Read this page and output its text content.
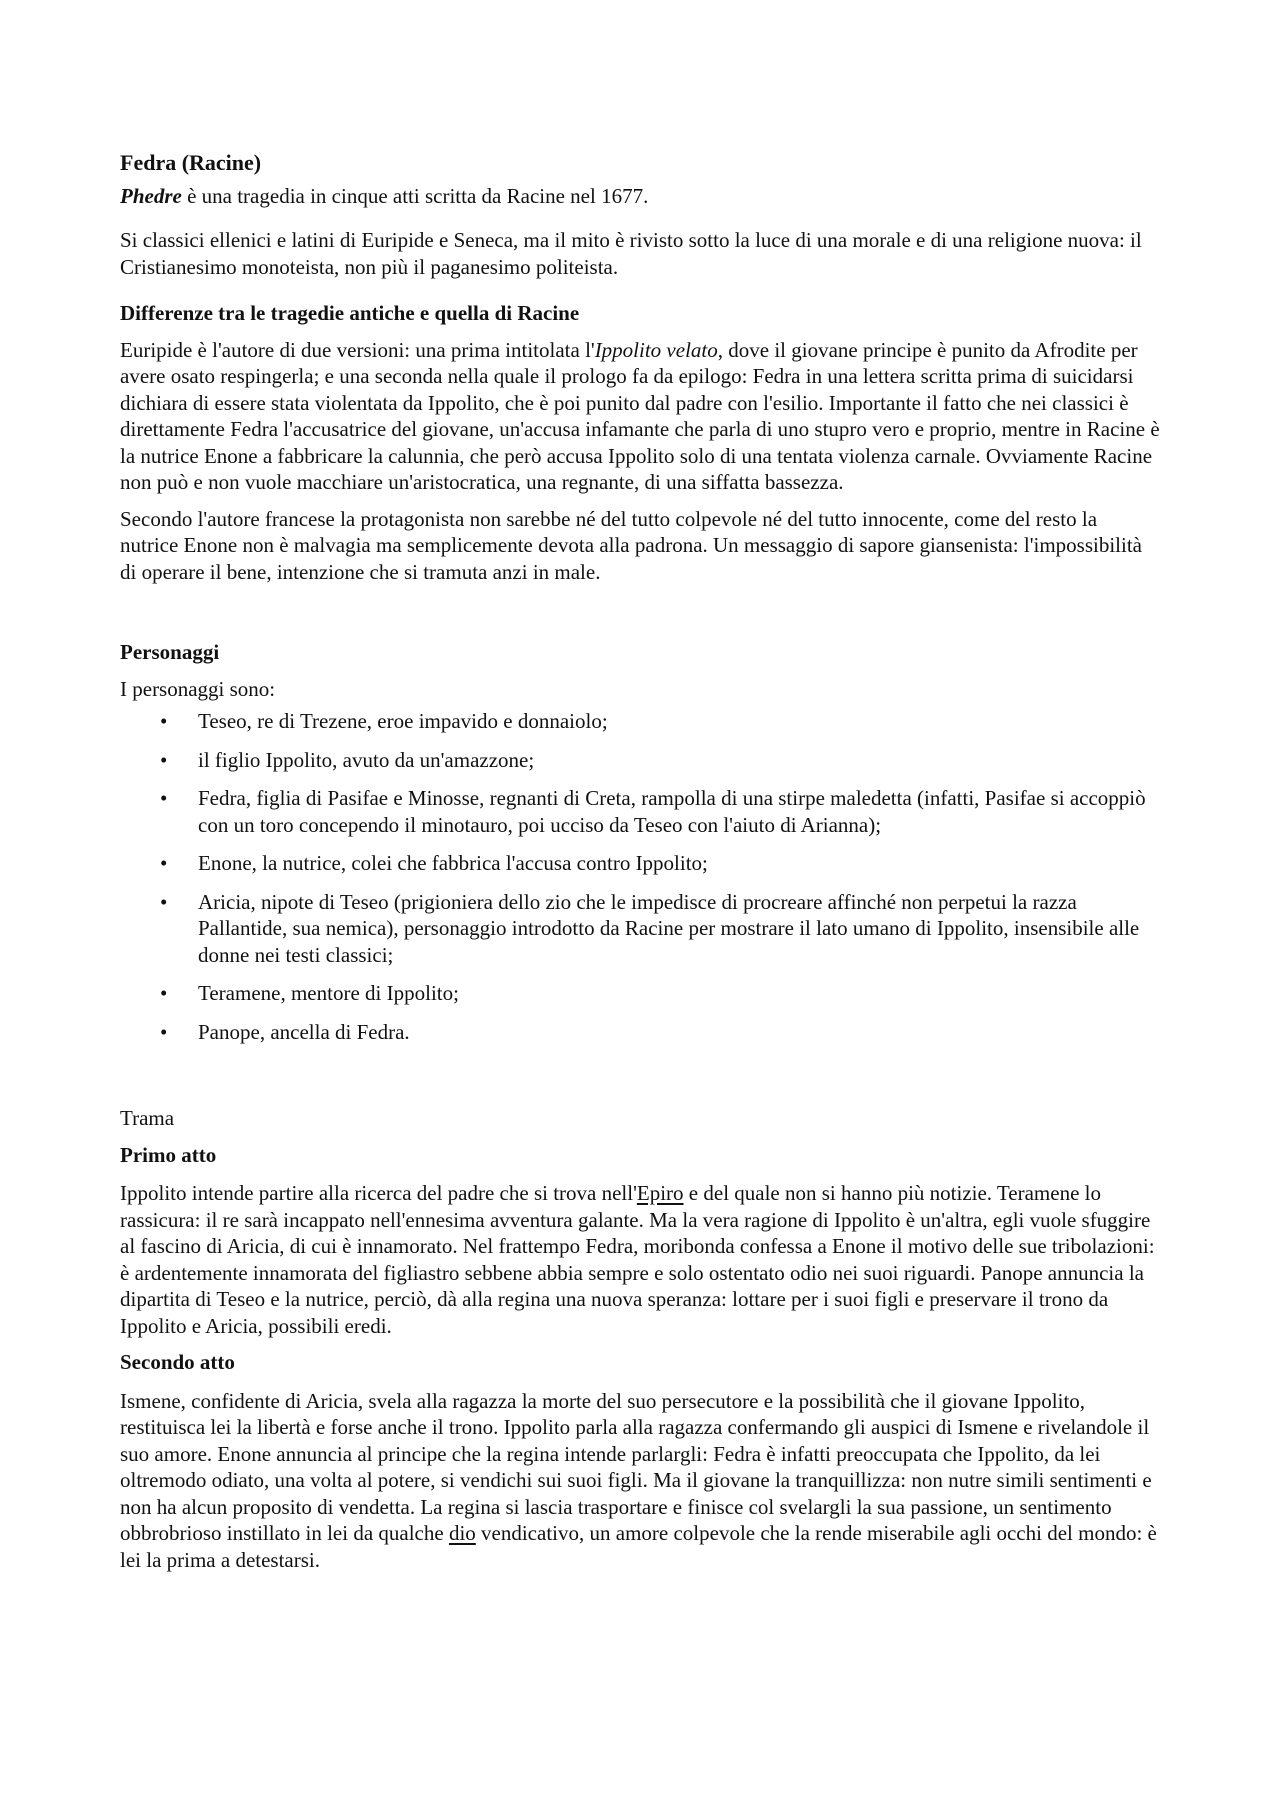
Fedra (Racine)

Phedre è una tragedia in cinque atti scritta da Racine nel 1677.

Si classici ellenici e latini di Euripide e Seneca, ma il mito è rivisto sotto la luce di una morale e di una religione nuova: il Cristianesimo monoteista, non più il paganesimo politeista.

Differenze tra le tragedie antiche e quella di Racine

Euripide è l'autore di due versioni: una prima intitolata l'Ippolito velato, dove il giovane principe è punito da Afrodite per avere osato respingerla; e una seconda nella quale il prologo fa da epilogo: Fedra in una lettera scritta prima di suicidarsi dichiara di essere stata violentata da Ippolito, che è poi punito dal padre con l'esilio. Importante il fatto che nei classici è direttamente Fedra l'accusatrice del giovane, un'accusa infamante che parla di uno stupro vero e proprio, mentre in Racine è la nutrice Enone a fabbricare la calunnia, che però accusa Ippolito solo di una tentata violenza carnale. Ovviamente Racine non può e non vuole macchiare un'aristocratica, una regnante, di una siffatta bassezza.

Secondo l'autore francese la protagonista non sarebbe né del tutto colpevole né del tutto innocente, come del resto la nutrice Enone non è malvagia ma semplicemente devota alla padrona. Un messaggio di sapore giansenista: l'impossibilità di operare il bene, intenzione che si tramuta anzi in male.

Personaggi

I personaggi sono:

• Teseo, re di Trezene, eroe impavido e donnaiolo;
• il figlio Ippolito, avuto da un'amazzone;
• Fedra, figlia di Pasifae e Minosse, regnanti di Creta, rampolla di una stirpe maledetta (infatti, Pasifae si accoppiò con un toro concependo il minotauro, poi ucciso da Teseo con l'aiuto di Arianna);
• Enone, la nutrice, colei che fabbrica l'accusa contro Ippolito;
• Aricia, nipote di Teseo (prigioniera dello zio che le impedisce di procreare affinché non perpetui la razza Pallantide, sua nemica), personaggio introdotto da Racine per mostrare il lato umano di Ippolito, insensibile alle donne nei testi classici;
• Teramene, mentore di Ippolito;
• Panope, ancella di Fedra.
Trama
Primo atto

Ippolito intende partire alla ricerca del padre che si trova nell'Epiro e del quale non si hanno più notizie. Teramene lo rassicura: il re sarà incappato nell'ennesima avventura galante. Ma la vera ragione di Ippolito è un'altra, egli vuole sfuggire al fascino di Aricia, di cui è innamorato. Nel frattempo Fedra, moribonda confessa a Enone il motivo delle sue tribolazioni: è ardentemente innamorata del figliastro sebbene abbia sempre e solo ostentato odio nei suoi riguardi. Panope annuncia la dipartita di Teseo e la nutrice, perciò, dà alla regina una nuova speranza: lottare per i suoi figli e preservare il trono da Ippolito e Aricia, possibili eredi.

Secondo atto

Ismene, confidente di Aricia, svela alla ragazza la morte del suo persecutore e la possibilità che il giovane Ippolito, restituisca lei la libertà e forse anche il trono. Ippolito parla alla ragazza confermando gli auspici di Ismene e rivelandole il suo amore. Enone annuncia al principe che la regina intende parlargli: Fedra è infatti preoccupata che Ippolito, da lei oltremodo odiato, una volta al potere, si vendichi sui suoi figli. Ma il giovane la tranquillizza: non nutre simili sentimenti e non ha alcun proposito di vendetta. La regina si lascia trasportare e finisce col svelargli la sua passione, un sentimento obbrobrioso instillato in lei da qualche dio vendicativo, un amore colpevole che la rende miserabile agli occhi del mondo: è lei la prima a detestarsi.
